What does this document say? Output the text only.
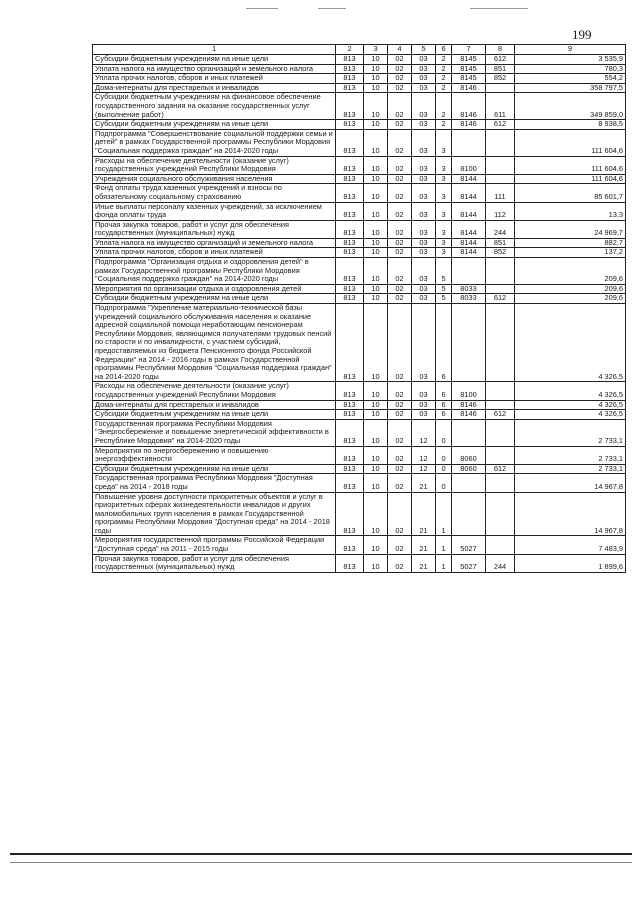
199
1	2	3	4	5	6	7	8	9
Субсидии бюджетным учреждениям на иные цели	813	10	02	03	2	8145	612	3 535,9
Уплата налога на имущество организаций и земельного налога	813	10	02	03	2	8145	851	780,3
Уплата прочих налогов, сборов и иных платежей	813	10	02	03	2	8145	852	554,2
Дома-интернаты для престарелых и инвалидов	813	10	02	03	2	8146		358 797,5
Субсидии бюджетным учреждениям на финансовое обеспечение государственного задания на оказание государственных услуг (выполнение работ)	813	10	02	03	2	8146	611	349 859,0
Субсидии бюджетным учреждениям на иные цели	813	10	02	03	2	8146	612	8 938,5
Подпрограмма "Совершенствование социальной поддержки семьи и детей" в рамках Государственной программы Республики Мордовия "Социальная поддержка граждан" на 2014-2020 годы	813	10	02	03	3			111 604,6
Расходы на обеспечение деятельности (оказание услуг) государственных учреждений Республики Мордовия	813	10	02	03	3	8100		111 604,6
Учреждения социального обслуживания населения	813	10	02	03	3	8144		111 604,6
Фонд оплаты труда казенных учреждений и взносы по обязательному социальному страхованию	813	10	02	03	3	8144	111	85 601,7
Иные выплаты персоналу казенных учреждений, за исключением фонда оплаты труда	813	10	02	03	3	8144	112	13,3
Прочая закупка товаров, работ и услуг для обеспечения государственных (муниципальных) нужд	813	10	02	03	3	8144	244	24 969,7
Уплата налога на имущество организаций и земельного налога	813	10	02	03	3	8144	851	882,7
Уплата прочих налогов, сборов и иных платежей	813	10	02	03	3	8144	852	137,2
Подпрограмма "Организация отдыха и оздоровления детей" в рамках Государственной программы Республики Мордовия "Социальная поддержка граждан" на 2014-2020 годы	813	10	02	03	5			209,6
Мероприятия по организации отдыха и оздоровления детей	813	10	02	03	5	8033		209,6
Субсидии бюджетным учреждениям на иные цели	813	10	02	03	5	8033	612	209,6
Подпрограмма "Укрепление материально-технической базы учреждений социального обслуживания населения и оказание адресной социальной помощи неработающим пенсионерам Республики Мордовия, являющимся получателями трудовых пенсий по старости и по инвалидности, с участием субсидий, предоставляемых из бюджета Пенсионного фонда Российской Федерации" на 2014 - 2016 годы в рамках Государственной программы Республики Мордовия "Социальная поддержка граждан" на 2014-2020 годы	813	10	02	03	6			4 326,5
Расходы на обеспечение деятельности (оказание услуг) государственных учреждений Республики Мордовия	813	10	02	03	6	8100		4 326,5
Дома-интернаты для престарелых и инвалидов	813	10	02	03	6	8146		4 326,5
Субсидии бюджетным учреждениям на иные цели	813	10	02	03	6	8146	612	4 326,5
Государственная программа Республики Мордовия "Энергосбережение и повышение энергетической эффективности в Республике Мордовия" на 2014-2020 годы	813	10	02	12	0			2 733,1
Мероприятия по энергосбережению и повышению энергоэффективности	813	10	02	12	0	8060		2 733,1
Субсидии бюджетным учреждениям на иные цели	813	10	02	12	0	8060	612	2 733,1
Государственная программа Республики Мордовия "Доступная среда" на 2014 - 2018 годы	813	10	02	21	0			14 967,8
Повышение уровня доступности приоритетных объектов и услуг в приоритетных сферах жизнедеятельности инвалидов и других маломобильных групп населения в рамках Государственной программы Республики Мордовия "Доступная среда" на 2014 - 2018 годы	813	10	02	21	1			14 967,8
Мероприятия государственной программы Российской Федерации "Доступная среда" на 2011 - 2015 годы	813	10	02	21	1	5027		7 483,9
Прочая закупка товаров, работ и услуг для обеспечения государственных (муниципальных) нужд	813	10	02	21	1	5027	244	1 899,6
